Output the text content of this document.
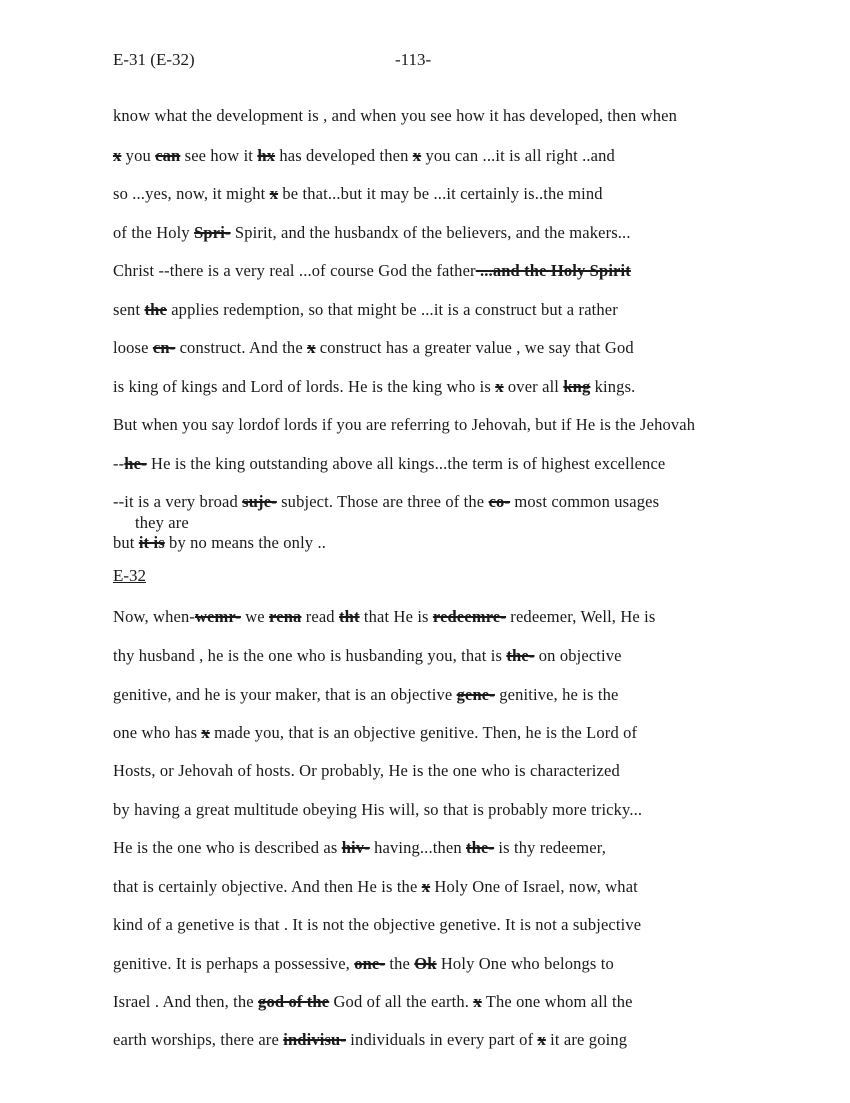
E-31 (E-32)	-113-
E-32
know what the development is , and when you see how it has developed, then when
x you can see how it hx has developed then x you can ...it is all right ..and
so ...yes, now, it might x be that...but it may be ...it certainly is..the mind
of the Holy Spri- Spirit, and the husbandx of the believers, and the makers...
Christ --there is a very real ...of course God the father ...and the Holy Spirit
sent the applies redemption, so that might be ...it is a construct but a rather
loose cn- construct. And the x construct has a greater value , we say that God
is king of kings and Lord of lords. He is the king who is x over all kng kings.
But when you say lordof lords if you are referring to Jehovah, but if He is the Jehovah
--he- He is the king outstanding above all kings...the term is of highest excellence
--it is a very broad suje- subject. Those are three of the co- most common usages
they are
but it is by no means the only ..
Now, when-wemr- we rena read tht that He is redeemre- redeemer, Well, He is
thy husband , he is the one who is husbanding you, that is the- on objective
genitive, and he is your maker, that is an objective gene- genitive, he is the
one who has x made you, that is an objective genitive. Then, he is the Lord of
Hosts, or Jehovah of hosts. Or probably, He is the one who is characterized
by having a great multitude obeying His will, so that is probably more tricky...
He is the one who is described as hiv- having...then the- is thy redeemer,
that is certainly objective. And then He is the x Holy One of Israel, now, what
kind of a genetive is that . It is not the objective genetive. It is not a subjective
genitive. It is perhaps a possessive, one- the Ok Holy One who belongs to
Israel . And then, the god of the God of all the earth. x The one whom all the
earth worships, there are indivisu- individuals in every part of x it are going
